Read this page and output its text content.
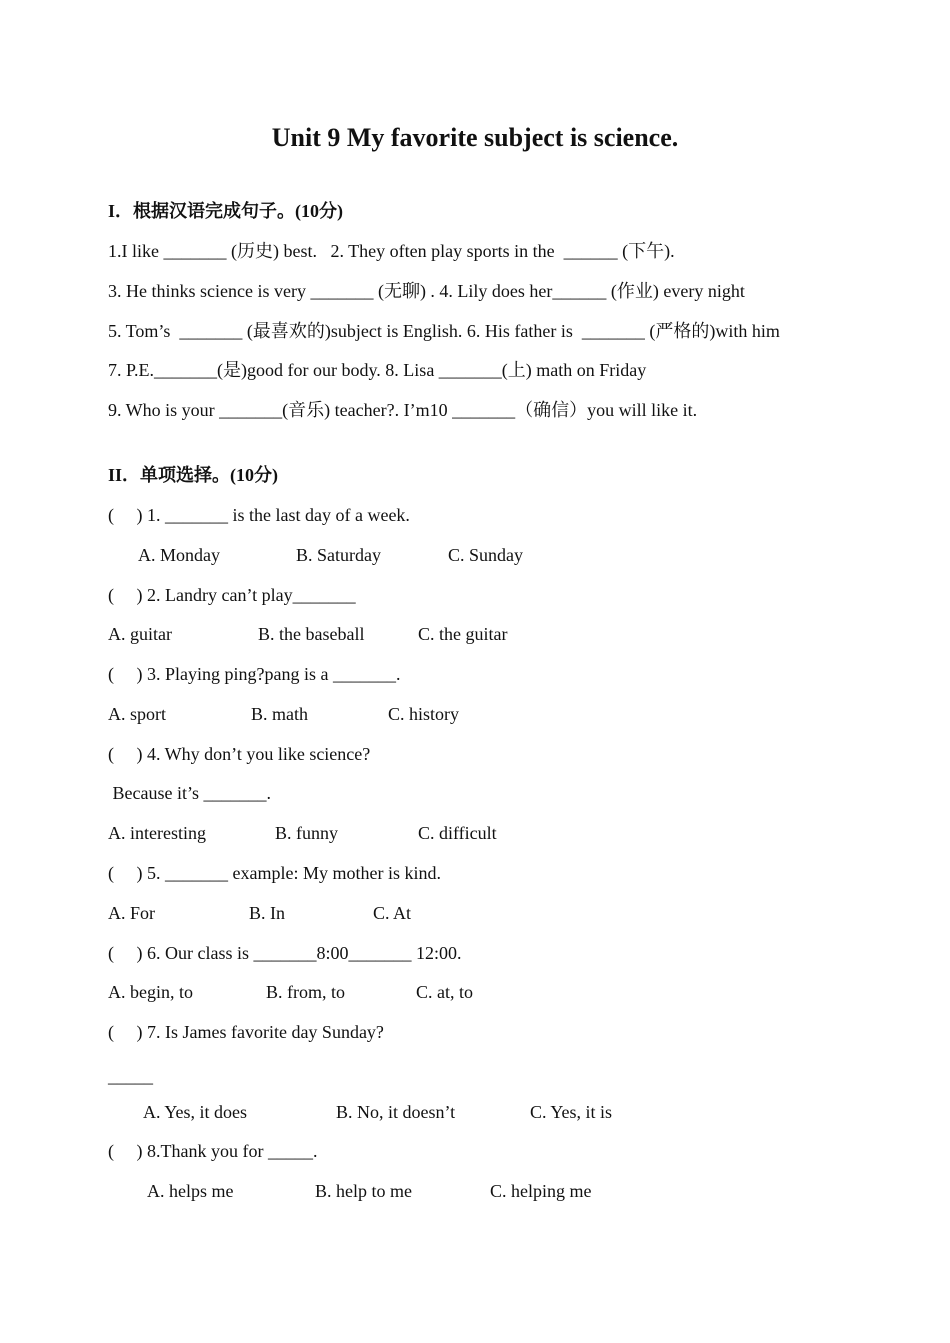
Unit 9 My favorite subject is science.
I．根据汉语完成句子。(10分)
1.I like _______ (历史) best.   2. They often play sports in the  ______ (下午).
3. He thinks science is very _______ (无聊) . 4. Lily does her______ (作业) every night
5. Tom’s  _______ (最喜欢的)subject is English. 6. His father is  _______ (严格的)with him
7. P.E._______(是)good for our body. 8. Lisa _______(上) math on Friday
9. Who is your _______(音乐) teacher?. I’m10 _______（确信）you will like it.
II．单项选择。(10分)
(     ) 1. _______ is the last day of a week.
A. Monday	B. Saturday	C. Sunday
(     ) 2. Landry can’t play_______
A. guitar	B. the baseball	C. the guitar
(     ) 3. Playing ping?pang is a _______.
A. sport	B. math	C. history
(     ) 4. Why don’t you like science?
Because it’s _______.
A. interesting	B. funny	C. difficult
(     ) 5. _______ example: My mother is kind.
A. For	B. In	C. At
(     ) 6. Our class is _______8:00_______ 12:00.
A. begin, to	B. from, to	C. at, to
(     ) 7. Is James favorite day Sunday?
_____
A. Yes, it does	B. No, it doesn’t	C. Yes, it is
(     ) 8.Thank you for _____.
A. helps me	B. help to me	C. helping me
